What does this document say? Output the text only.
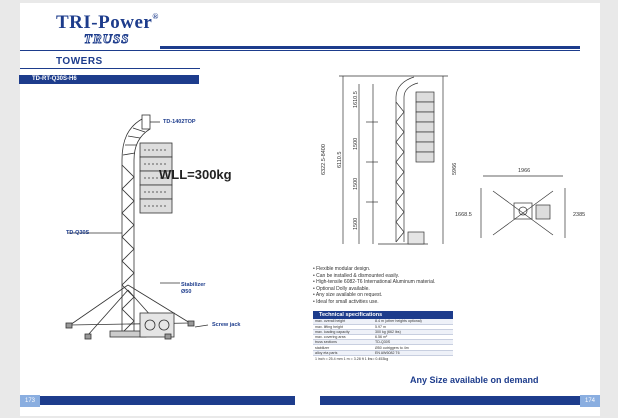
TRI-Power®
TRUSS
TOWERS
TD-RT-Q30S-H6
TD-1402TOP
TD-Q30S
Stabilizer
Ø50
Screw jack
WLL=300kg	6322.5-8400 6110.5
1610.5
1500
1500
1500
5966	1966
1668.5	2385
• Flexible modular design.
• Can be installed & dismounted easily.
• High-tensile 6082-T6 International Aluminum material.
• Optional Dolly available.
• Any size available on request.
• Ideal for small activities use.
Technical specifications
max. overall height	8.4 m (other heights optional)
max. lifting height	5.97 m
max. loading capacity	300 kg (662 lbs)
max. covering area	6.56 m²
truss sections	TD-Q30S
stabilizer	Ø50 outriggers to 4m
alloy eta parts	EN AW6082 T6
1 inch = 25.4 mm 1 m = 3.28 ft 1 lbs= 0.453kg
Any Size available on demand
173	174
